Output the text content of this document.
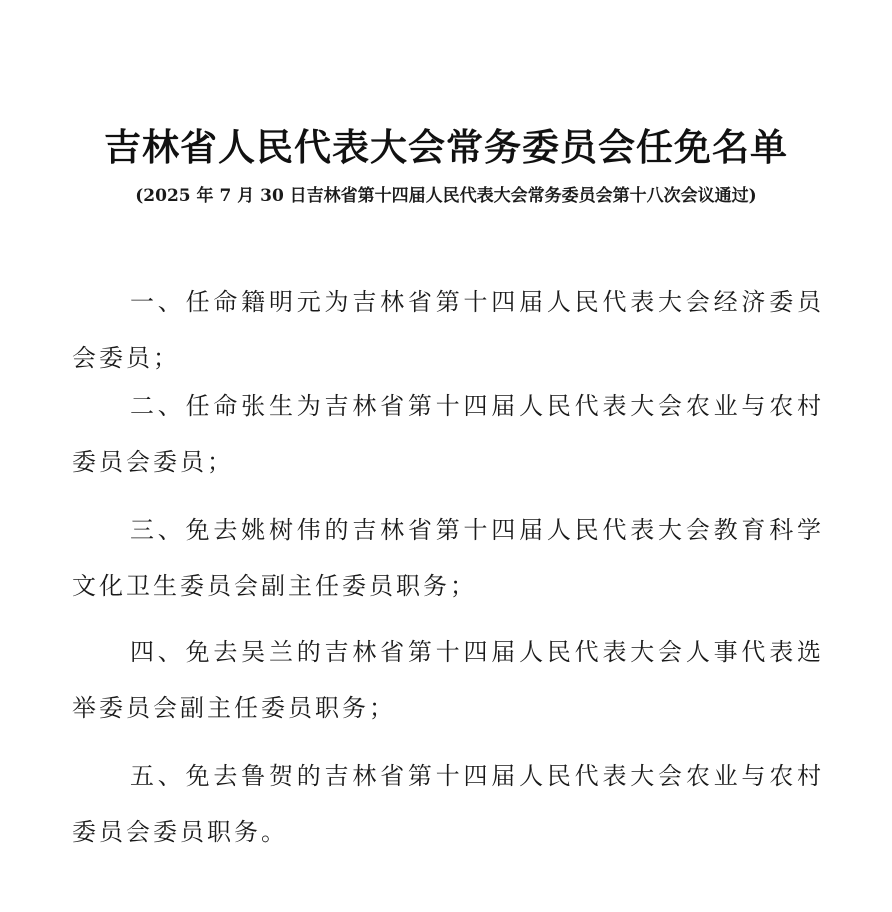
吉林省人民代表大会常务委员会任免名单
(2025 年 7 月 30 日吉林省第十四届人民代表大会常务委员会第十八次会议通过)

一、任命籍明元为吉林省第十四届人民代表大会经济委员会委员；

二、任命张生为吉林省第十四届人民代表大会农业与农村委员会委员；

三、免去姚树伟的吉林省第十四届人民代表大会教育科学文化卫生委员会副主任委员职务；

四、免去吴兰的吉林省第十四届人民代表大会人事代表选举委员会副主任委员职务；

五、免去鲁贺的吉林省第十四届人民代表大会农业与农村委员会委员职务。
